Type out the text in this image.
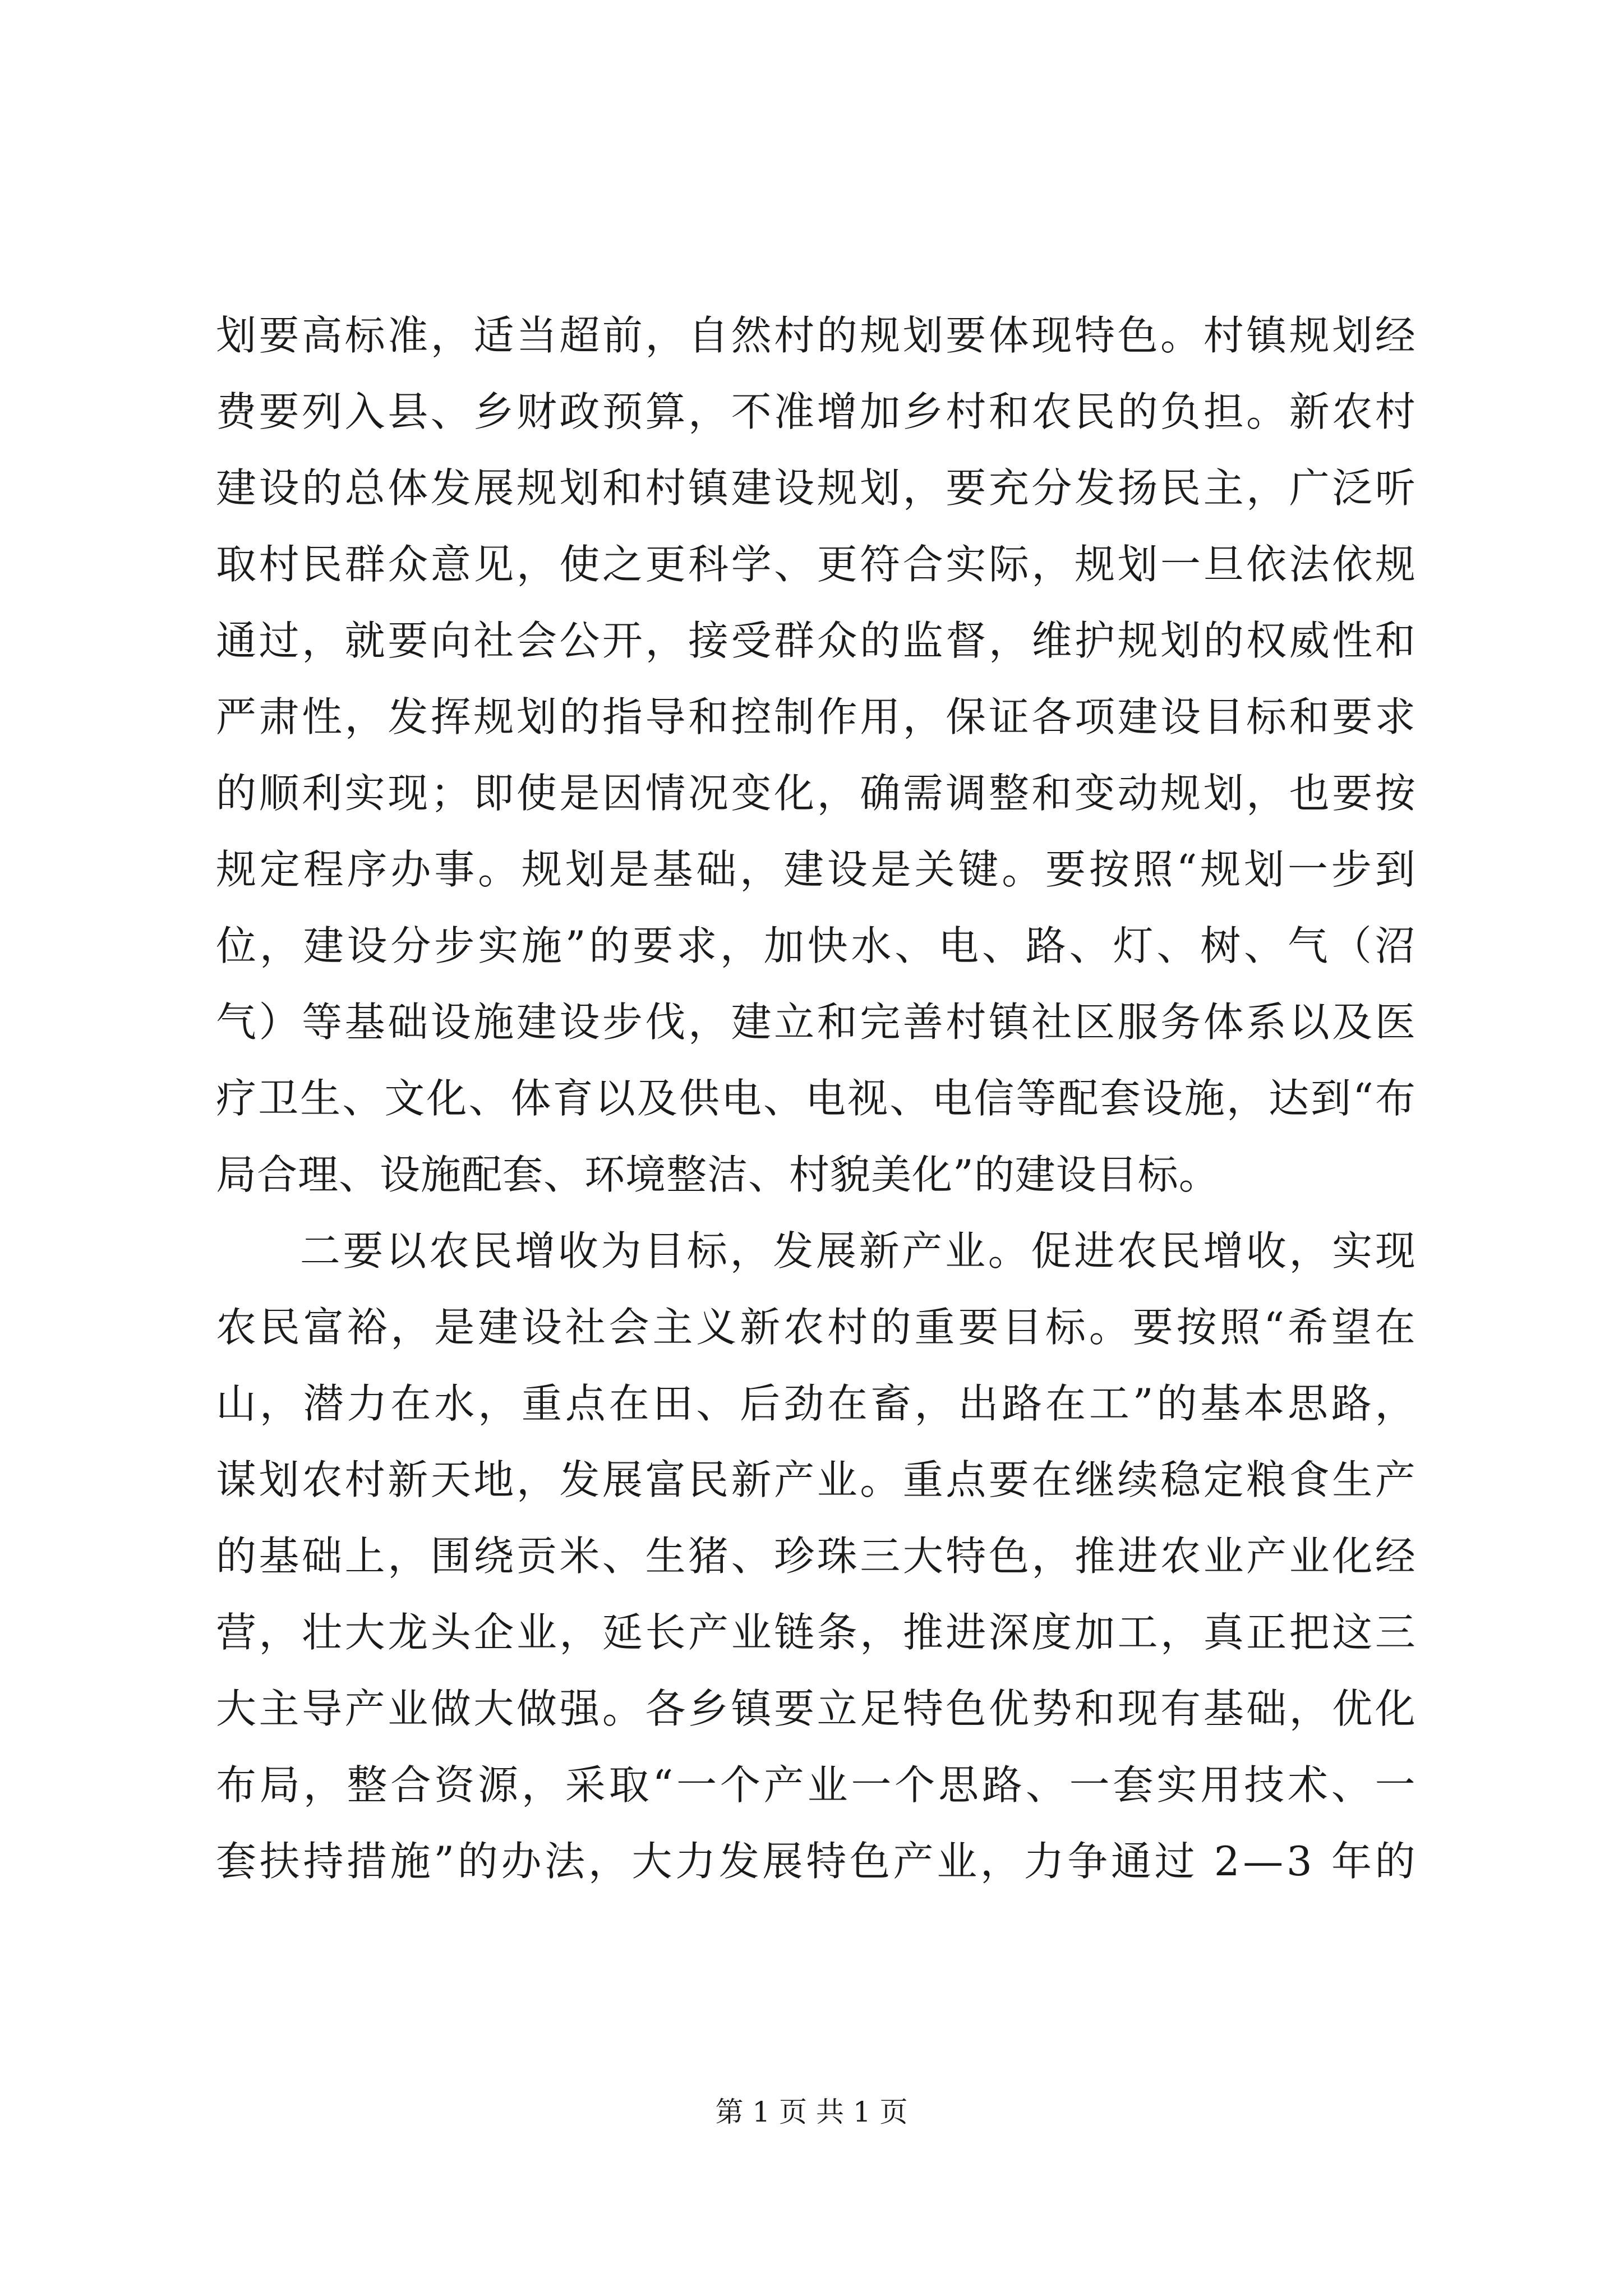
划 要 高 标 准 ， 适 当 超 前 ， 自 然 村 的 规 划 要 体 现 特 色 。 村 镇 规 划 经
费 要 列 入 县 、 乡 财 政 预 算 ， 不 准 增 加 乡 村 和 农 民 的 负 担 。 新 农 村
建 设 的 总 体 发 展 规 划 和 村 镇 建 设 规 划 ， 要 充 分 发 扬 民 主 ， 广 泛 听
取 村 民 群 众 意 见 ， 使 之 更 科 学 、 更 符 合 实 际 ， 规 划 一 旦 依 法 依 规
通 过 ， 就 要 向 社 会 公 开 ， 接 受 群 众 的 监 督 ， 维 护 规 划 的 权 威 性 和
严 肃 性 ， 发 挥 规 划 的 指 导 和 控 制 作 用 ， 保 证 各 项 建 设 目 标 和 要 求
的 顺 利 实 现 ； 即 使 是 因 情 况 变 化 ， 确 需 调 整 和 变 动 规 划 ， 也 要 按
规 定 程 序 办 事 。 规 划 是 基 础 ， 建 设 是 关 键 。 要 按 照 “ 规 划 一 步 到
位 ， 建 设 分 步 实 施 ” 的 要 求 ， 加 快 水 、 电 、 路 、 灯 、 树 、 气 （ 沼
气 ） 等 基 础 设 施 建 设 步 伐 ， 建 立 和 完 善 村 镇 社 区 服 务 体 系 以 及 医
疗 卫 生 、 文 化 、 体 育 以 及 供 电 、 电 视 、 电 信 等 配 套 设 施 ， 达 到 “ 布
局合理、设施配套、环境整洁、村貌美化”的建设目标。

二 要 以 农 民 增 收 为 目 标 ， 发 展 新 产 业 。 促 进 农 民 增 收 ， 实 现
农 民 富 裕 ， 是 建 设 社 会 主 义 新 农 村 的 重 要 目 标 。 要 按 照 “ 希 望 在
山 ， 潜 力 在 水 ， 重 点 在 田 、 后 劲 在 畜 ， 出 路 在 工 ” 的 基 本 思 路 ，
谋 划 农 村 新 天 地 ， 发 展 富 民 新 产 业 。 重 点 要 在 继 续 稳 定 粮 食 生 产
的 基 础 上 ， 围 绕 贡 米 、 生 猪 、 珍 珠 三 大 特 色 ， 推 进 农 业 产 业 化 经
营 ， 壮 大 龙 头 企 业 ， 延 长 产 业 链 条 ， 推 进 深 度 加 工 ， 真 正 把 这 三
大 主 导 产 业 做 大 做 强 。 各 乡 镇 要 立 足 特 色 优 势 和 现 有 基 础 ， 优 化
布 局 ， 整 合 资 源 ， 采 取 “ 一 个 产 业 一 个 思 路 、 一 套 实 用 技 术 、 一
套 扶 持 措 施 ” 的 办 法 ， 大 力 发 展 特 色 产 业 ， 力 争 通 过
2 — 3
年 的
第 1 页 共 1 页
